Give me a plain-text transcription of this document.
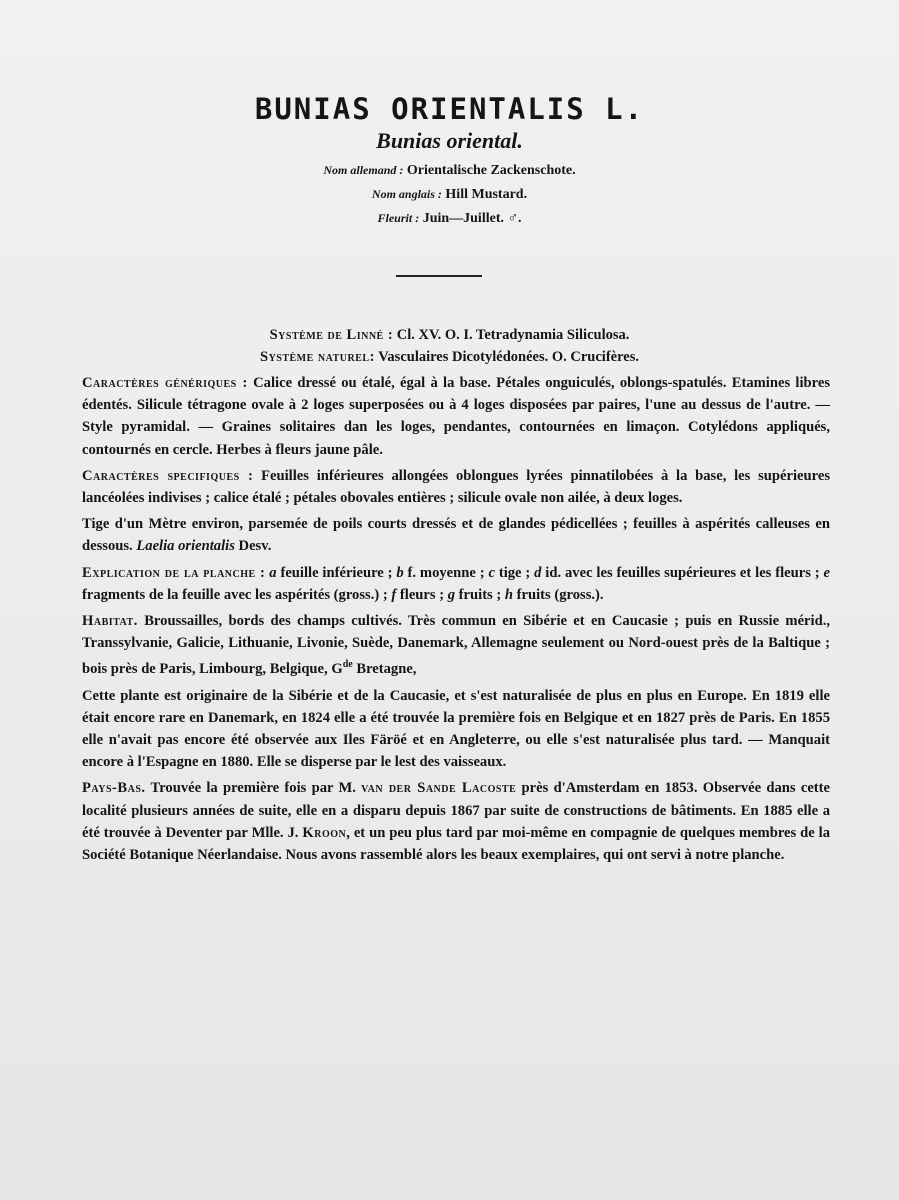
BUNIAS ORIENTALIS L.
Bunias oriental.
Nom allemand : Orientalische Zackenschote.
Nom anglais : Hill Mustard.
Fleurit : Juin—Juillet. ♂.
Système de Linné : Cl. XV. O. I. Tetradynamia Siliculosa.
Système naturel: Vasculaires Dicotylédonées. O. Crucifères.

Caractères génériques : Calice dressé ou étalé, égal à la base. Pétales onguiculés, oblongs-spatulés. Etamines libres édentés. Silicule tétragone ovale à 2 loges superposées ou à 4 loges disposées par paires, l'une au dessus de l'autre. — Style pyramidal. — Graines solitaires dan les loges, pendantes, contournées en limaçon. Cotylédons appliqués, contournés en cercle. Herbes à fleurs jaune pâle.

Caractères specifiques : Feuilles inférieures allongées oblongues lyrées pinnatilobées à la base, les supérieures lancéolées indivises ; calice étalé ; pétales obovales entières ; silicule ovale non ailée, à deux loges.

Tige d'un Mètre environ, parsemée de poils courts dressés et de glandes pédicellées ; feuilles à aspérités calleuses en dessous. Laelia orientalis Desv.

Explication de la planche : a feuille inférieure ; b f. moyenne ; c tige ; d id. avec les feuilles supérieures et les fleurs ; e fragments de la feuille avec les aspérités (gross.) ; f fleurs ; g fruits ; h fruits (gross.).

Habitat. Broussailles, bords des champs cultivés. Très commun en Sibérie et en Caucasie ; puis en Russie mérid., Transsylvanie, Galicie, Lithuanie, Livonie, Suède, Danemark, Allemagne seulement ou Nord-ouest près de la Baltique ; bois près de Paris, Limbourg, Belgique, $G^{de}$ Bretagne,

Cette plante est originaire de la Sibérie et de la Caucasie, et s'est naturalisée de plus en plus en Europe. En 1819 elle était encore rare en Danemark, en 1824 elle a été trouvée la première fois en Belgique et en 1827 près de Paris. En 1855 elle n'avait pas encore été observée aux Iles Färöé et en Angleterre, ou elle s'est naturalisée plus tard. — Manquait encore à l'Espagne en 1880. Elle se disperse par le lest des vaisseaux.

Pays-Bas. Trouvée la première fois par M. van der Sande Lacoste près d'Amsterdam en 1853. Observée dans cette localité plusieurs années de suite, elle en a disparu depuis 1867 par suite de constructions de bâtiments. En 1885 elle a été trouvée à Deventer par Mlle. J. Kroon, et un peu plus tard par moi-même en compagnie de quelques membres de la Société Botanique Néerlandaise. Nous avons rassemblé alors les beaux exemplaires, qui ont servi à notre planche.
